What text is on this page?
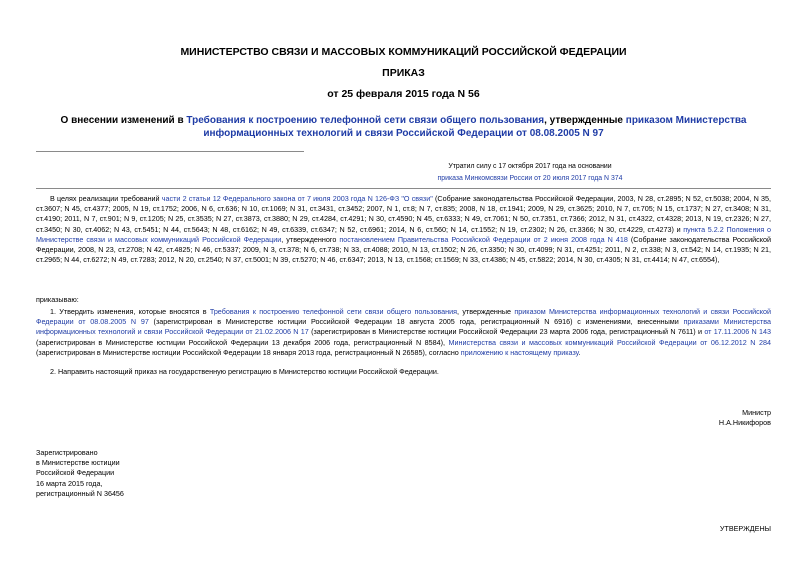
МИНИСТЕРСТВО СВЯЗИ И МАССОВЫХ КОММУНИКАЦИЙ РОССИЙСКОЙ ФЕДЕРАЦИИ
ПРИКАЗ
от 25 февраля 2015 года N 56
О внесении изменений в Требования к построению телефонной сети связи общего пользования, утвержденные приказом Министерства информационных технологий и связи Российской Федерации от 08.08.2005 N 97
Утратил силу с 17 октября 2017 года на основании
приказа Минкомсвязи России от 20 июля 2017 года N 374
В целях реализации требований части 2 статьи 12 Федерального закона от 7 июля 2003 года N 126-ФЗ "О связи" (Собрание законодательства Российской Федерации, 2003, N 28, ст.2895; N 52, ст.5038; 2004, N 35, ст.3607; N 45, ст.4377; 2005, N 19, ст.1752; 2006, N 6, ст.636; N 10, ст.1069; N 31, ст.3431, ст.3452; 2007, N 1, ст.8; N 7, ст.835; 2008, N 18, ст.1941; 2009, N 29, ст.3625; 2010, N 7, ст.705; N 15, ст.1737; N 27, ст.3408; N 31, ст.4190; 2011, N 7, ст.901; N 9, ст.1205; N 25, ст.3535; N 27, ст.3873, ст.3880; N 29, ст.4284, ст.4291; N 30, ст.4590; N 45, ст.6333; N 49, ст.7061; N 50, ст.7351, ст.7366; 2012, N 31, ст.4322, ст.4328; 2013, N 19, ст.2326; N 27, ст.3450; N 30, ст.4062; N 43, ст.5451; N 44, ст.5643; N 48, ст.6162; N 49, ст.6339, ст.6347; N 52, ст.6961; 2014, N 6, ст.560; N 14, ст.1552; N 19, ст.2302; N 26, ст.3366; N 30, ст.4229, ст.4273) и пункта 5.2.2 Положения о Министерстве связи и массовых коммуникаций Российской Федерации, утвержденного постановлением Правительства Российской Федерации от 2 июня 2008 года N 418 (Собрание законодательства Российской Федерации, 2008, N 23, ст.2708; N 42, ст.4825; N 46, ст.5337; 2009, N 3, ст.378; N 6, ст.738; N 33, ст.4088; 2010, N 13, ст.1502; N 26, ст.3350; N 30, ст.4099; N 31, ст.4251; 2011, N 2, ст.338; N 3, ст.542; N 14, ст.1935; N 21, ст.2965; N 44, ст.6272; N 49, ст.7283; 2012, N 20, ст.2540; N 37, ст.5001; N 39, ст.5270; N 46, ст.6347; 2013, N 13, ст.1568; ст.1569; N 33, ст.4386; N 45, ст.5822; 2014, N 30, ст.4305; N 31, ст.4414; N 47, ст.6554),
приказываю:
1. Утвердить изменения, которые вносятся в Требования к построению телефонной сети связи общего пользования, утвержденные приказом Министерства информационных технологий и связи Российской Федерации от 08.08.2005 N 97 (зарегистрирован в Министерстве юстиции Российской Федерации 18 августа 2005 года, регистрационный N 6916) с изменениями, внесенными приказами Министерства информационных технологий и связи Российской Федерации от 21.02.2006 N 17 (зарегистрирован в Министерстве юстиции Российской Федерации 23 марта 2006 года, регистрационный N 7611) и от 17.11.2006 N 143 (зарегистрирован в Министерстве юстиции Российской Федерации 13 декабря 2006 года, регистрационный N 8584), Министерства связи и массовых коммуникаций Российской Федерации от 06.12.2012 N 284 (зарегистрирован в Министерстве юстиции Российской Федерации 18 января 2013 года, регистрационный N 26585), согласно приложению к настоящему приказу.
2. Направить настоящий приказ на государственную регистрацию в Министерство юстиции Российской Федерации.
Министр
Н.А.Никифоров
Зарегистрировано
в Министерстве юстиции
Российской Федерации
16 марта 2015 года,
регистрационный N 36456
УТВЕРЖДЕНЫ
